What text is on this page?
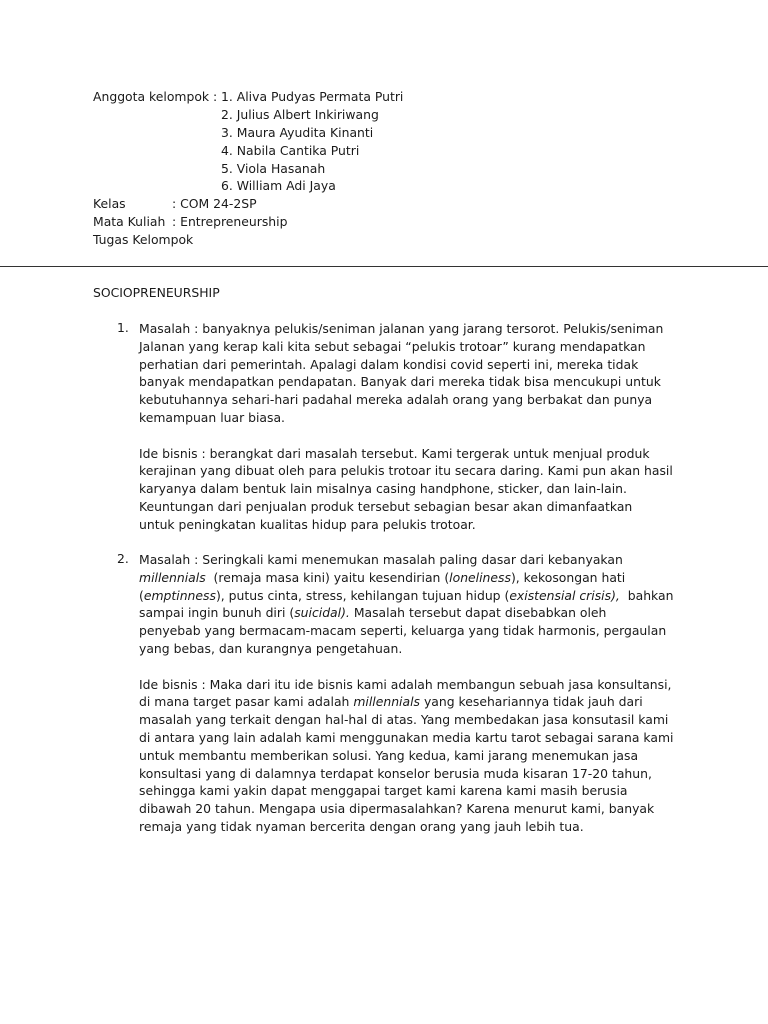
Anggota kelompok : 1. Aliva Pudyas Permata Putri
2. Julius Albert Inkiriwang
3. Maura Ayudita Kinanti
4. Nabila Cantika Putri
5. Viola Hasanah
6. William Adi Jaya
Kelas	: COM 24-2SP
Mata Kuliah : Entrepreneurship
Tugas Kelompok
SOCIOPRENEURSHIP
1. Masalah : banyaknya pelukis/seniman jalanan yang jarang tersorot. Pelukis/seniman
Jalanan yang kerap kali kita sebut sebagai “pelukis trotoar” kurang mendapatkan
perhatian dari pemerintah. Apalagi dalam kondisi covid seperti ini, mereka tidak
banyak mendapatkan pendapatan. Banyak dari mereka tidak bisa mencukupi untuk
kebutuhannya sehari-hari padahal mereka adalah orang yang berbakat dan punya
kemampuan luar biasa.
Ide bisnis : berangkat dari masalah tersebut. Kami tergerak untuk menjual produk
kerajinan yang dibuat oleh para pelukis trotoar itu secara daring. Kami pun akan hasil
karyanya dalam bentuk lain misalnya casing handphone, sticker, dan lain-lain.
Keuntungan dari penjualan produk tersebut sebagian besar akan dimanfaatkan
untuk peningkatan kualitas hidup para pelukis trotoar.
2. Masalah : Seringkali kami menemukan masalah paling dasar dari kebanyakan
millennials  (remaja masa kini) yaitu kesendirian (loneliness), kekosongan hati
(emptinness), putus cinta, stress, kehilangan tujuan hidup (existensial crisis),  bahkan
sampai ingin bunuh diri (suicidal). Masalah tersebut dapat disebabkan oleh
penyebab yang bermacam-macam seperti, keluarga yang tidak harmonis, pergaulan
yang bebas, dan kurangnya pengetahuan.
Ide bisnis : Maka dari itu ide bisnis kami adalah membangun sebuah jasa konsultansi,
di mana target pasar kami adalah millennials yang kesehariannya tidak jauh dari
masalah yang terkait dengan hal-hal di atas. Yang membedakan jasa konsutasil kami
di antara yang lain adalah kami menggunakan media kartu tarot sebagai sarana kami
untuk membantu memberikan solusi. Yang kedua, kami jarang menemukan jasa
konsultasi yang di dalamnya terdapat konselor berusia muda kisaran 17-20 tahun,
sehingga kami yakin dapat menggapai target kami karena kami masih berusia
dibawah 20 tahun. Mengapa usia dipermasalahkan? Karena menurut kami, banyak
remaja yang tidak nyaman bercerita dengan orang yang jauh lebih tua.
